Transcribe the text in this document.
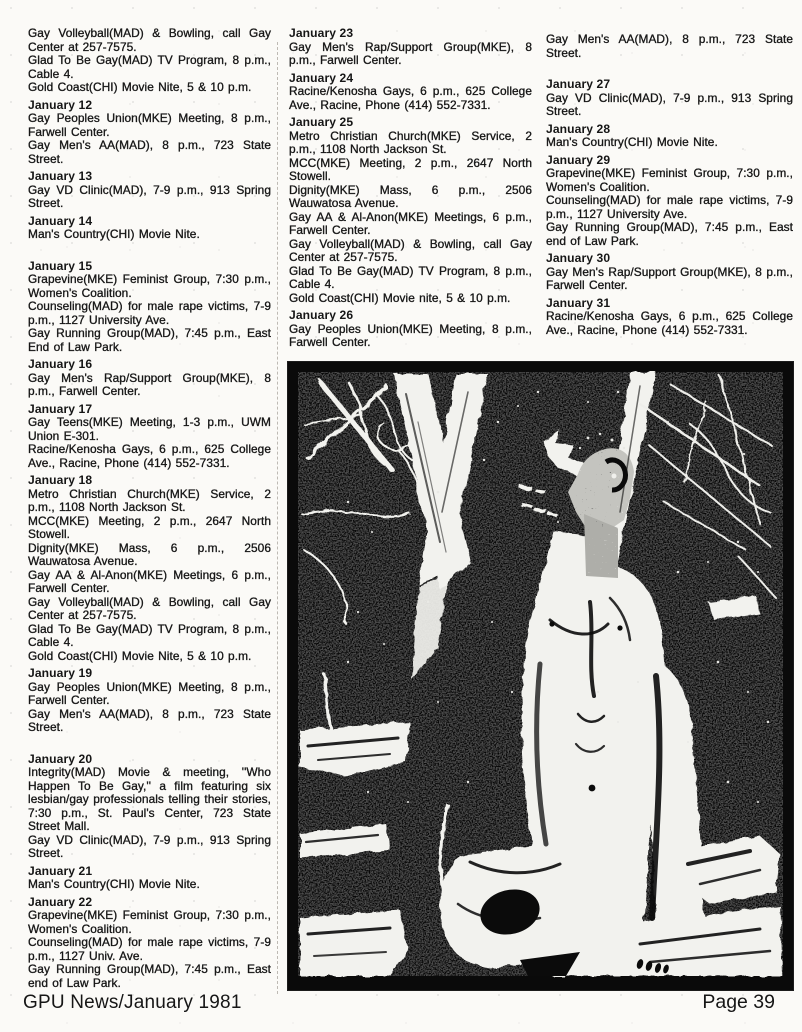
Gay Volleyball(MAD) & Bowling, call Gay Center at 257-7575.

Glad To Be Gay(MAD) TV Program, 8 p.m., Cable 4.

Gold Coast(CHI) Movie Nite, 5 & 10 p.m.

January 12

Gay Peoples Union(MKE) Meeting, 8 p.m., Farwell Center.

Gay Men's AA(MAD), 8 p.m., 723 State Street.

January 13

Gay VD Clinic(MAD), 7-9 p.m., 913 Spring Street.

January 14

Man's Country(CHI) Movie Nite.

January 15

Grapevine(MKE) Feminist Group, 7:30 p.m., Women's Coalition.

Counseling(MAD) for male rape victims, 7-9 p.m., 1127 University Ave.

Gay Running Group(MAD), 7:45 p.m., East End of Law Park.

January 16

Gay Men's Rap/Support Group(MKE), 8 p.m., Farwell Center.

January 17

Gay Teens(MKE) Meeting, 1-3 p.m., UWM Union E-301.

Racine/Kenosha Gays, 6 p.m., 625 College Ave., Racine, Phone (414) 552-7331.

January 18

Metro Christian Church(MKE) Service, 2 p.m., 1108 North Jackson St.

MCC(MKE) Meeting, 2 p.m., 2647 North Stowell.

Dignity(MKE) Mass, 6 p.m., 2506 Wauwatosa Avenue.

Gay AA & Al-Anon(MKE) Meetings, 6 p.m., Farwell Center.

Gay Volleyball(MAD) & Bowling, call Gay Center at 257-7575.

Glad To Be Gay(MAD) TV Program, 8 p.m., Cable 4.

Gold Coast(CHI) Movie Nite, 5 & 10 p.m.

January 19

Gay Peoples Union(MKE) Meeting, 8 p.m., Farwell Center.

Gay Men's AA(MAD), 8 p.m., 723 State Street.

January 20

Integrity(MAD) Movie & meeting, ''Who Happen To Be Gay,'' a film featuring six lesbian/gay professionals telling their stories, 7:30 p.m., St. Paul's Center, 723 State Street Mall.

Gay VD Clinic(MAD), 7-9 p.m., 913 Spring Street.

January 21

Man's Country(CHI) Movie Nite.

January 22

Grapevine(MKE) Feminist Group, 7:30 p.m., Women's Coalition.

Counseling(MAD) for male rape victims, 7-9 p.m., 1127 Univ. Ave.

Gay Running Group(MAD), 7:45 p.m., East end of Law Park.

January 23

Gay Men's Rap/Support Group(MKE), 8 p.m., Farwell Center.

January 24

Racine/Kenosha Gays, 6 p.m., 625 College Ave., Racine, Phone (414) 552-7331.

January 25

Metro Christian Church(MKE) Service, 2 p.m., 1108 North Jackson St.

MCC(MKE) Meeting, 2 p.m., 2647 North Stowell.

Dignity(MKE) Mass, 6 p.m., 2506 Wauwatosa Avenue.

Gay AA & Al-Anon(MKE) Meetings, 6 p.m., Farwell Center.

Gay Volleyball(MAD) & Bowling, call Gay Center at 257-7575.

Glad To Be Gay(MAD) TV Program, 8 p.m., Cable 4.

Gold Coast(CHI) Movie nite, 5 & 10 p.m.

January 26

Gay Peoples Union(MKE) Meeting, 8 p.m., Farwell Center.

Gay Men's AA(MAD), 8 p.m., 723 State Street.

January 27

Gay VD Clinic(MAD), 7-9 p.m., 913 Spring Street.

January 28

Man's Country(CHI) Movie Nite.

January 29

Grapevine(MKE) Feminist Group, 7:30 p.m., Women's Coalition.

Counseling(MAD) for male rape victims, 7-9 p.m., 1127 University Ave.

Gay Running Group(MAD), 7:45 p.m., East end of Law Park.

January 30

Gay Men's Rap/Support Group(MKE), 8 p.m., Farwell Center.

January 31

Racine/Kenosha Gays, 6 p.m., 625 College Ave., Racine, Phone (414) 552-7331.

GPU News/January 1981	Page 39
